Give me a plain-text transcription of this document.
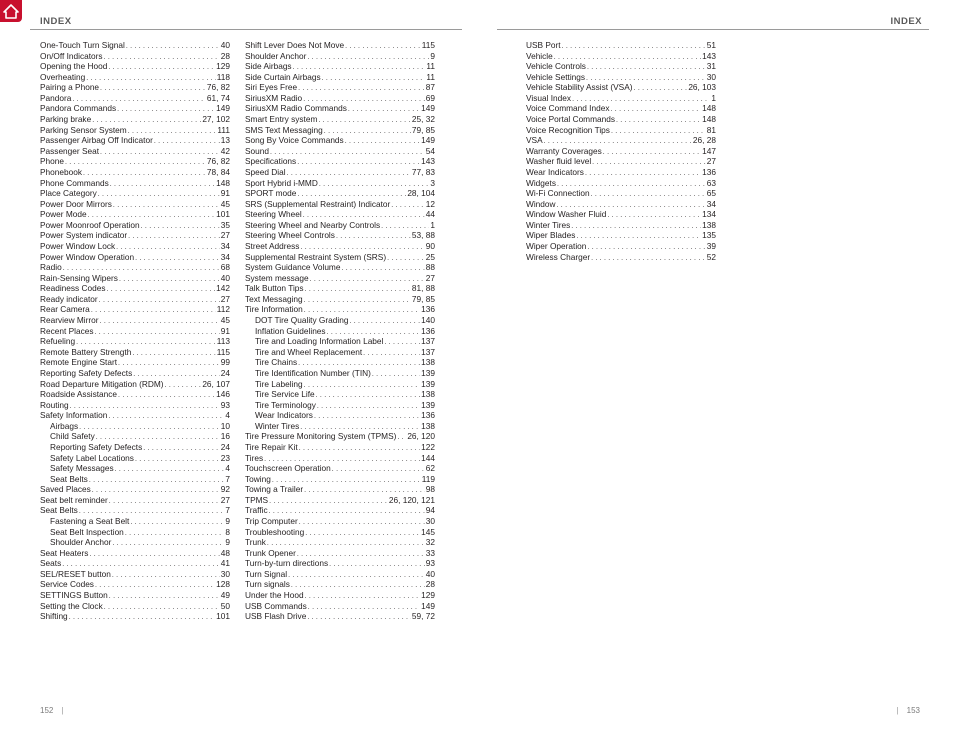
INDEX	INDEX
One-Touch Turn Signal . . .	40
On/Off Indicators . . .	28
Opening the Hood . . .	129
Overheating . . .	118
Pairing a Phone . . .	76, 82
Pandora . . .	61, 74
Pandora Commands . . .	149
Parking brake . . .	27, 102
Parking Sensor System . . .	111
Passenger Airbag Off Indicator . . .	13
Passenger Seat . . .	42
Phone . . .	76, 82
Phonebook . . .	78, 84
Phone Commands . . .	148
Place Category . . .	91
Power Door Mirrors . . .	45
Power Mode . . .	101
Power Moonroof Operation . . .	35
Power System indicator . . .	27
Power Window Lock . . .	34
Power Window Operation . . .	34
Radio . . .	68
Rain-Sensing Wipers . . .	40
Readiness Codes . . .	142
Ready indicator . . .	27
Rear Camera . . .	112
Rearview Mirror . . .	45
Recent Places . . .	91
Refueling . . .	113
Remote Battery Strength . . .	115
Remote Engine Start . . .	99
Reporting Safety Defects . . .	24
Road Departure Mitigation (RDM) . . .	26, 107
Roadside Assistance . . .	146
Routing . . .	93
Safety Information . . .	4
Airbags . . .	10
Child Safety . . .	16
Reporting Safety Defects . . .	24
Safety Label Locations . . .	23
Safety Messages . . .	4
Seat Belts . . .	7
Saved Places . . .	92
Seat belt reminder . . .	27
Seat Belts . . .	7
Fastening a Seat Belt . . .	9
Seat Belt Inspection . . .	8
Shoulder Anchor . . .	9
Seat Heaters . . .	48
Seats . . .	41
SEL/RESET button . . .	30
Service Codes . . .	128
SETTINGS Button . . .	49
Setting the Clock . . .	50
Shifting . . .	101
Shift Lever Does Not Move . . .	115
Shoulder Anchor . . .	9
Side Airbags . . .	11
Side Curtain Airbags . . .	11
Siri Eyes Free . . .	87
SiriusXM Radio . . .	69
SiriusXM Radio Commands . . .	149
Smart Entry system . . .	25, 32
SMS Text Messaging . . .	79, 85
Song By Voice Commands . . .	149
Sound . . .	54
Specifications . . .	143
Speed Dial . . .	77, 83
Sport Hybrid i-MMD . . .	3
SPORT mode . . .	28, 104
SRS (Supplemental Restraint) Indicator . . .	12
Steering Wheel . . .	44
Steering Wheel and Nearby Controls . . .	1
Steering Wheel Controls . . .	53, 88
Street Address . . .	90
Supplemental Restraint System (SRS) . . .	25
System Guidance Volume . . .	88
System message . . .	27
Talk Button Tips . . .	81, 88
Text Messaging . . .	79, 85
Tire Information . . .	136
DOT Tire Quality Grading . . .	140
Inflation Guidelines . . .	136
Tire and Loading Information Label . . .	137
Tire and Wheel Replacement . . .	137
Tire Chains . . .	138
Tire Identification Number (TIN) . . .	139
Tire Labeling . . .	139
Tire Service Life . . .	138
Tire Terminology . . .	139
Wear Indicators . . .	136
Winter Tires . . .	138
Tire Pressure Monitoring System (TPMS) . . . 26, 120
Tire Repair Kit . . .	122
Tires . . .	144
Touchscreen Operation . . .	62
Towing . . .	119
Towing a Trailer . . .	98
TPMS . . .	26, 120, 121
Traffic . . .	94
Trip Computer . . .	30
Troubleshooting . . .	145
Trunk . . .	32
Trunk Opener . . .	33
Turn-by-turn directions . . .	93
Turn Signal . . .	40
Turn signals . . .	28
Under the Hood . . .	129
USB Commands . . .	149
USB Flash Drive . . .	59, 72
USB Port . . .	51
Vehicle . . .	143
Vehicle Controls . . .	31
Vehicle Settings . . .	30
Vehicle Stability Assist (VSA) . . .	26, 103
Visual Index . . .	1
Voice Command Index . . .	148
Voice Portal Commands . . .	148
Voice Recognition Tips . . .	81
VSA . . .	26, 28
Warranty Coverages . . .	147
Washer fluid level . . .	27
Wear Indicators . . .	136
Widgets . . .	63
Wi-Fi Connection . . .	65
Window . . .	34
Window Washer Fluid . . .	134
Winter Tires . . .	138
Wiper Blades . . .	135
Wiper Operation . . .	39
Wireless Charger . . .	52
152 |	| 153
